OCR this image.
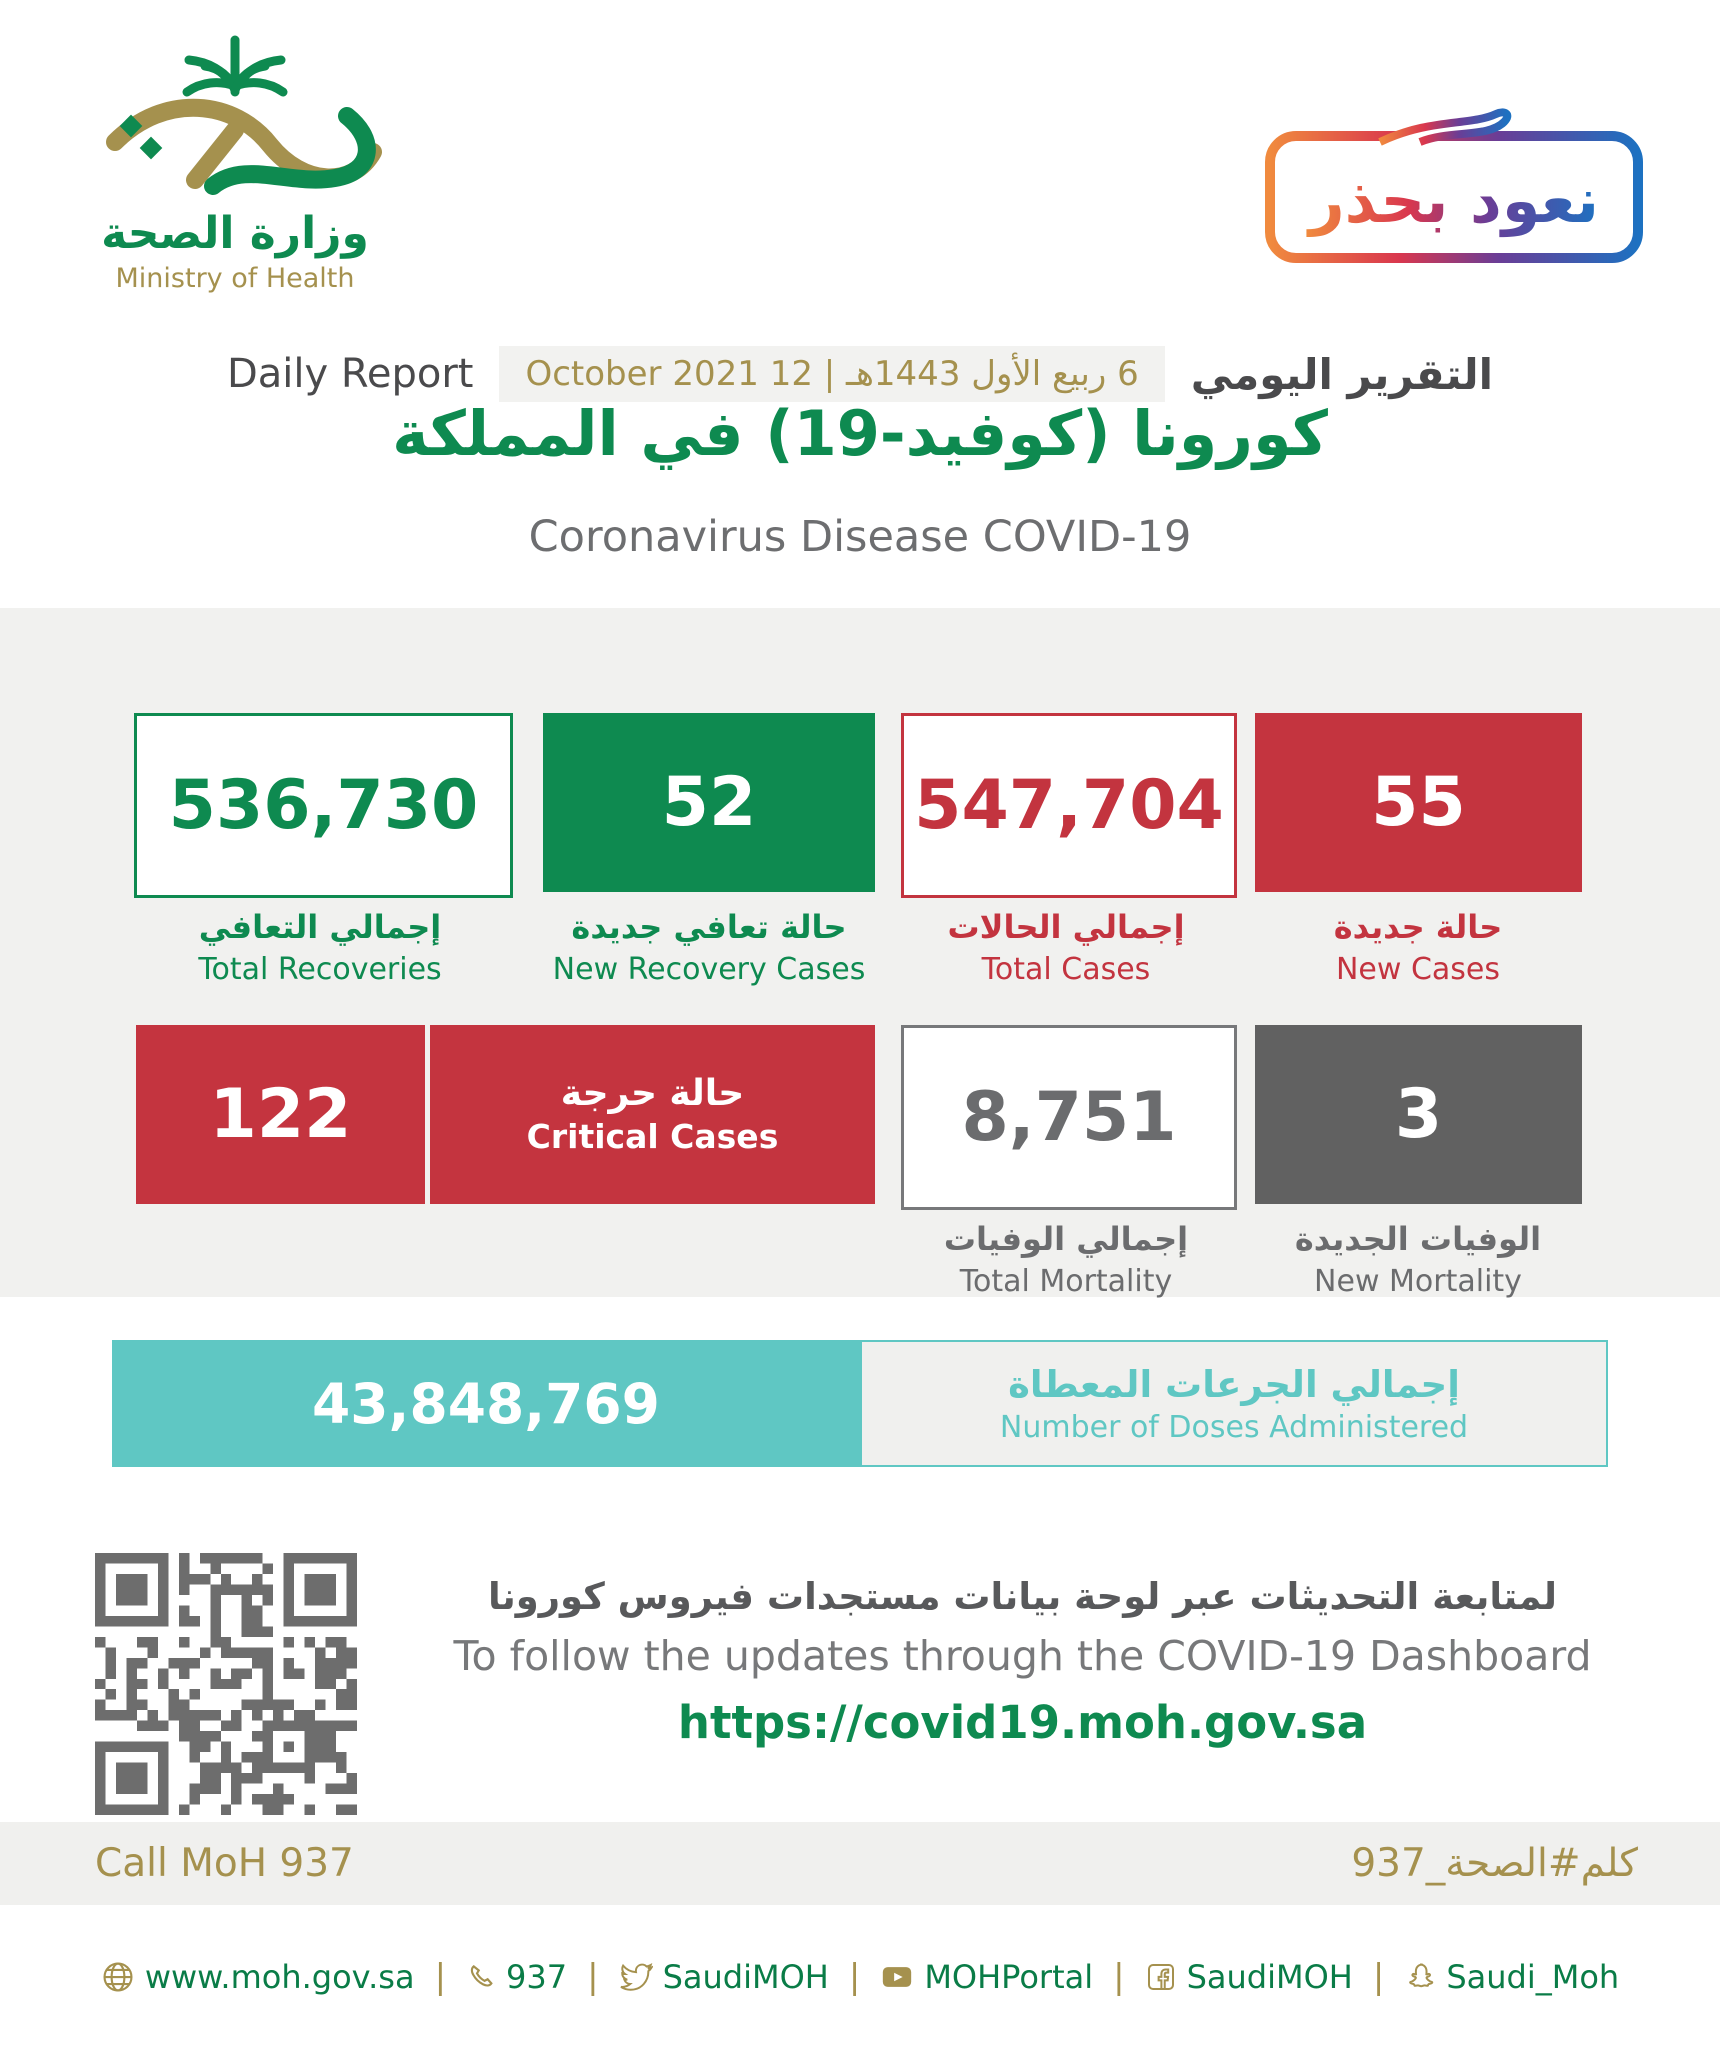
وزارة الصحة
Ministry of Health
نعود بحذر
Daily Report	6 ربيع الأول 1443هـ | 12 October 2021	التقرير اليومي
كورونا (كوفيد-19) في المملكة
Coronavirus Disease COVID-19
536,730	52	547,704	55
إجمالي التعافي
Total Recoveries
حالة تعافي جديدة
New Recovery Cases
إجمالي الحالات
Total Cases
حالة جديدة
New Cases
122	حالة حرجة
Critical Cases	8,751	3
إجمالي الوفيات
Total Mortality
الوفيات الجديدة
New Mortality
43,848,769	إجمالي الجرعات المعطاة
Number of Doses Administered
لمتابعة التحديثات عبر لوحة بيانات مستجدات فيروس كورونا
To follow the updates through the COVID-19 Dashboard
https://covid19.moh.gov.sa
Call MoH 937	كلم#الصحة_937
www.moh.gov.sa | 937 | SaudiMOH | MOHPortal | SaudiMOH | Saudi_Moh
